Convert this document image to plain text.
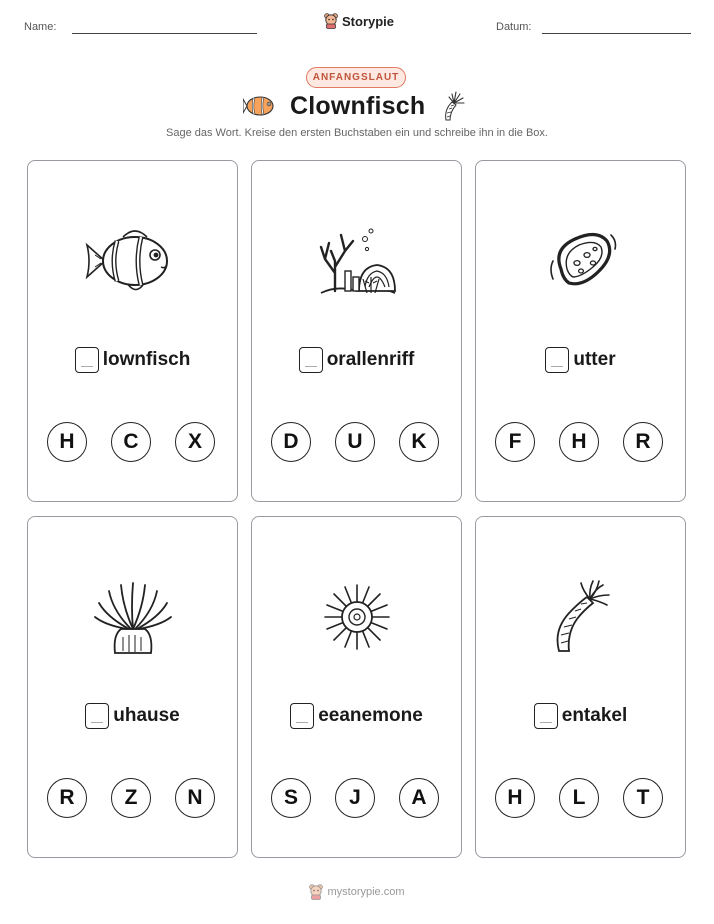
Name:	Storypie	Datum:
ANFANGSLAUT
Clownfisch
Sage das Wort. Kreise den ersten Buchstaben ein und schreibe ihn in die Box.
lownfisch
H	C	X
orallenriff
D	U	K
utter
F	H	R
uhause
R	Z	N
eeanemone
S	J	A
entakel
H	L	T
mystorypie.com
